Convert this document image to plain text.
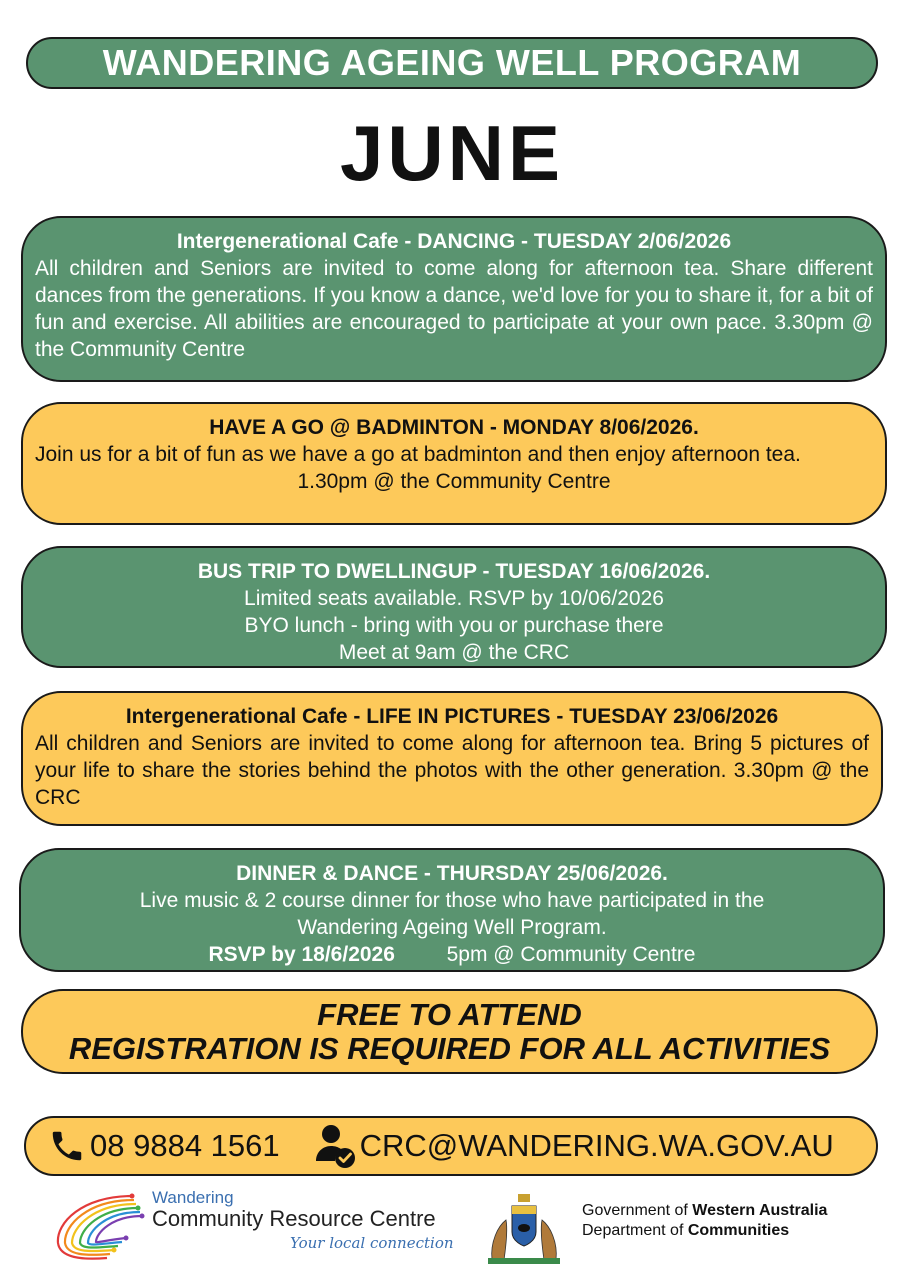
WANDERING AGEING WELL PROGRAM
JUNE
Intergenerational Cafe - DANCING - TUESDAY 2/06/2026
All children and Seniors are invited to come along for afternoon tea. Share different dances from the generations. If you know a dance, we'd love for you to share it, for a bit of fun and exercise. All abilities are encouraged to participate at your own pace. 3.30pm @ the Community Centre
HAVE A GO @ BADMINTON - MONDAY 8/06/2026.
Join us for a bit of fun as we have a go at badminton and then enjoy afternoon tea.
1.30pm @ the Community Centre
BUS TRIP TO DWELLINGUP - TUESDAY 16/06/2026.
Limited seats available. RSVP by 10/06/2026
BYO lunch - bring with you or purchase there
Meet at 9am @ the CRC
Intergenerational Cafe - LIFE IN PICTURES - TUESDAY 23/06/2026
All children and Seniors are invited to come along for afternoon tea. Bring 5 pictures of your life to share the stories behind the photos with the other generation. 3.30pm @ the CRC
DINNER & DANCE - THURSDAY 25/06/2026.
Live music & 2 course dinner for those who have participated in the
Wandering Ageing Well Program.
RSVP by 18/6/2026 5pm @ Community Centre
FREE TO ATTEND
REGISTRATION IS REQUIRED FOR ALL ACTIVITIES
08 9884 1561	CRC@WANDERING.WA.GOV.AU
Wandering
Community Resource Centre
Your local connection
Government of Western Australia
Department of Communities
